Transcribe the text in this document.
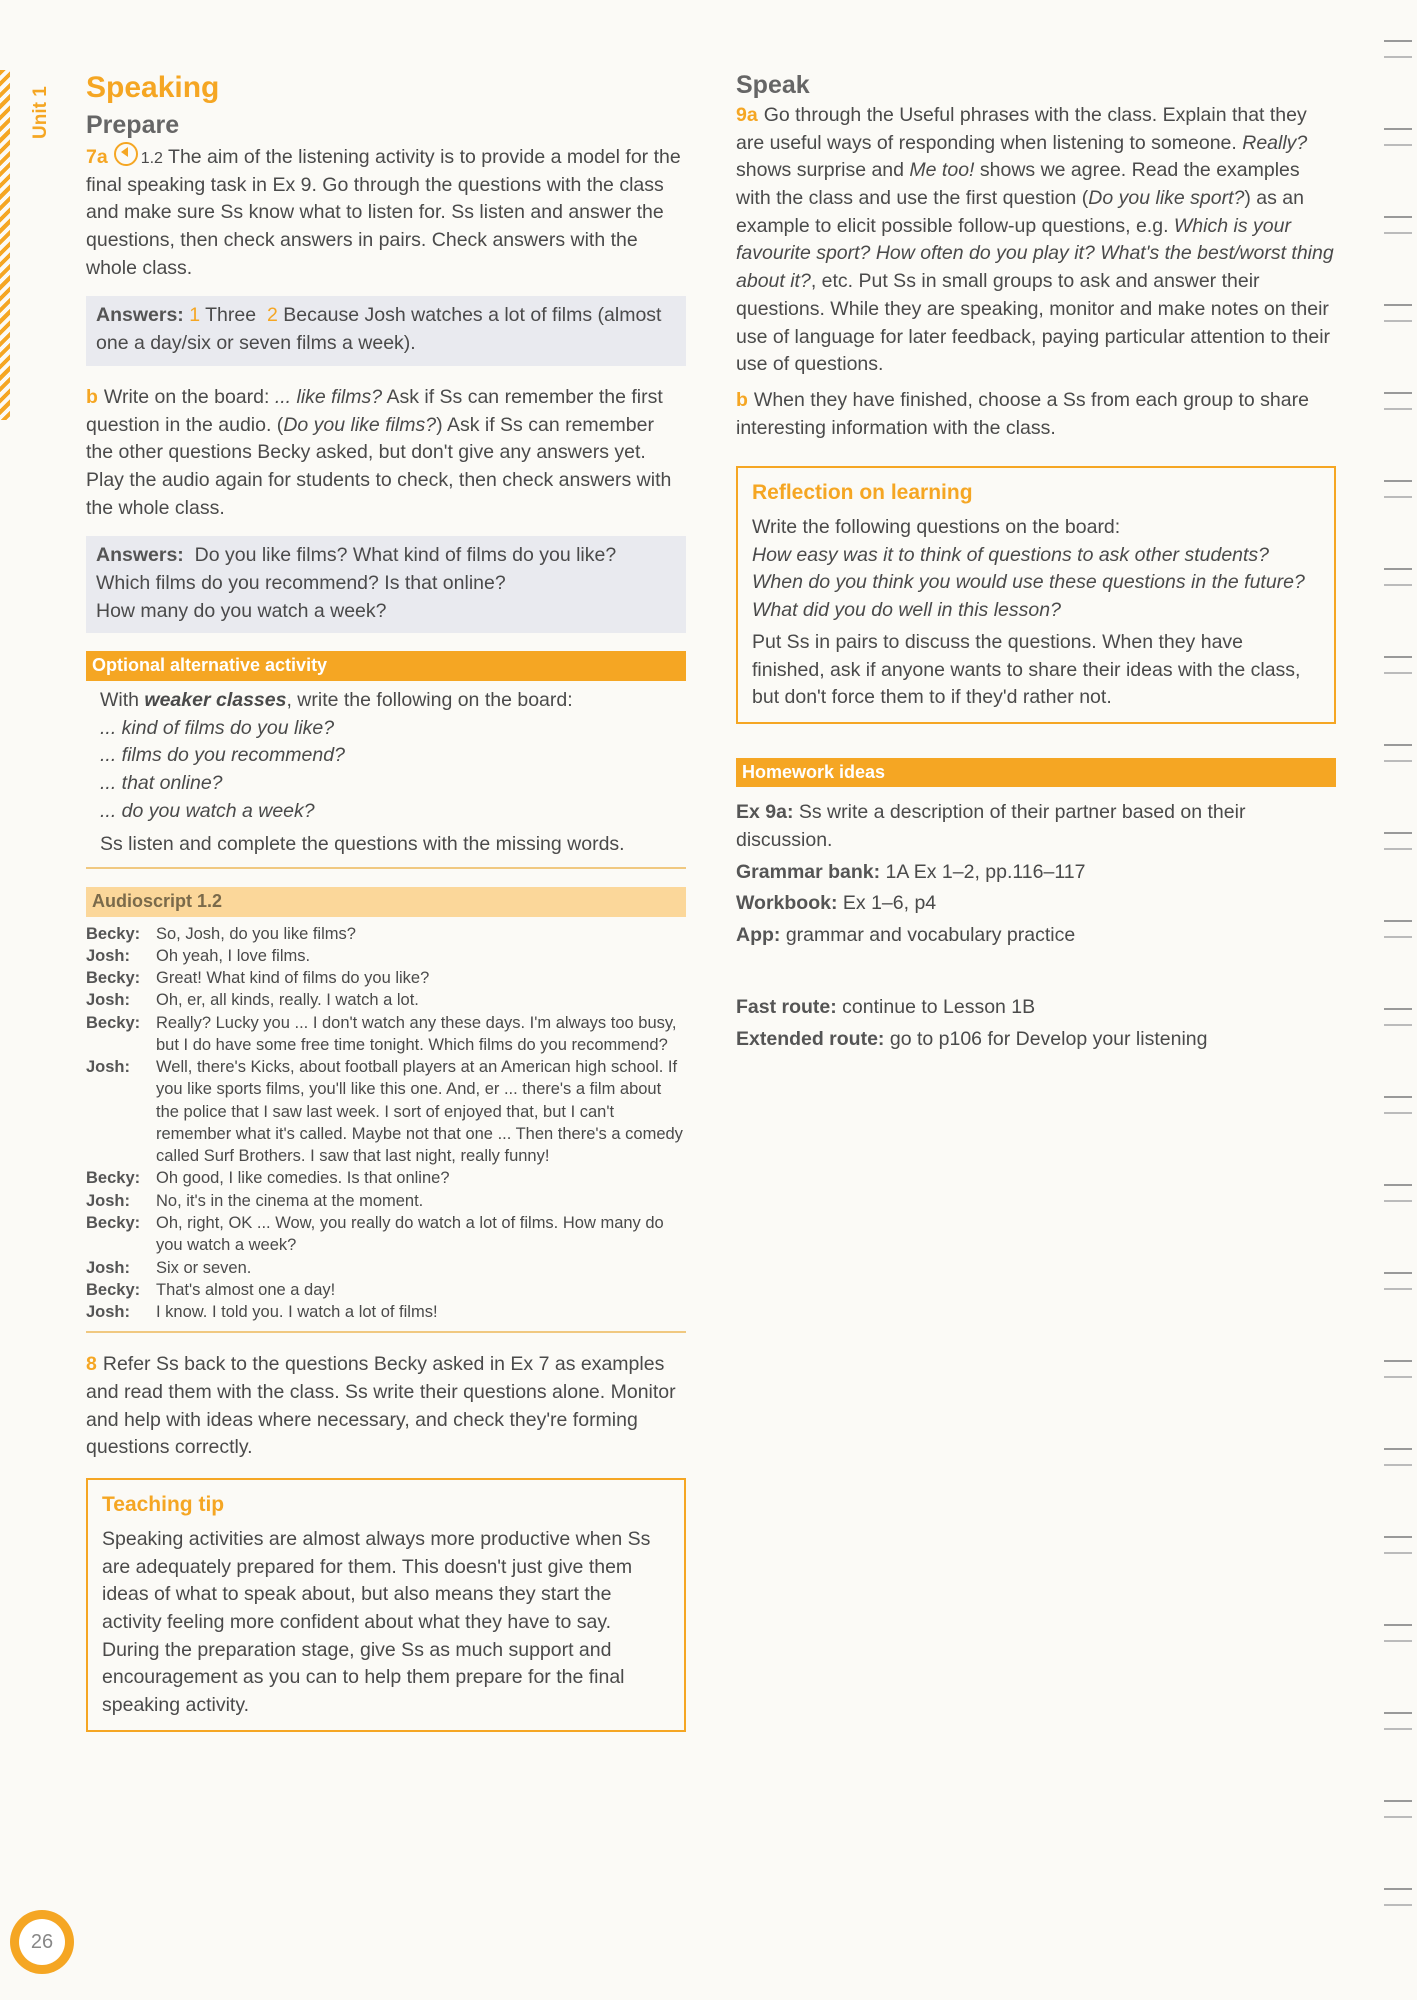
Unit 1 Speaking
Prepare

7a 1.2 The aim of the listening activity is to provide a model for the final speaking task in Ex 9. Go through the questions with the class and make sure Ss know what to listen for. Ss listen and answer the questions, then check answers in pairs. Check answers with the whole class.

Answers: 1 Three 2 Because Josh watches a lot of films (almost one a day/six or seven films a week).

b Write on the board: ... like films? Ask if Ss can remember the first question in the audio. (Do you like films?) Ask if Ss can remember the other questions Becky asked, but don't give any answers yet. Play the audio again for students to check, then check answers with the whole class.

Answers: Do you like films? What kind of films do you like?
Which films do you recommend? Is that online?
How many do you watch a week?
Optional alternative activity
With weaker classes, write the following on the board:
... kind of films do you like?
... films do you recommend?
... that online?
... do you watch a week?
Ss listen and complete the questions with the missing words.
Audioscript 1.2
Becky: So, Josh, do you like films?
Josh:	Oh yeah, I love films.
Becky: Great! What kind of films do you like?
Josh:	Oh, er, all kinds, really. I watch a lot.
Becky: Really? Lucky you ... I don't watch any these days. I'm always too busy, but I do have some free time tonight. Which films do you recommend?
Josh:	Well, there's Kicks, about football players at an American high school. If you like sports films, you'll like this one. And, er ... there's a film about the police that I saw last week. I sort of enjoyed that, but I can't remember what it's called. Maybe not that one ... Then there's a comedy called Surf Brothers. I saw that last night, really funny!
Becky: Oh good, I like comedies. Is that online?
Josh:	No, it's in the cinema at the moment.
Becky: Oh, right, OK ... Wow, you really do watch a lot of films. How many do you watch a week?
Josh:	Six or seven.
Becky: That's almost one a day!
Josh:	I know. I told you. I watch a lot of films!

8 Refer Ss back to the questions Becky asked in Ex 7 as examples and read them with the class. Ss write their questions alone. Monitor and help with ideas where necessary, and check they're forming questions correctly.

Teaching tip
Speaking activities are almost always more productive when Ss are adequately prepared for them. This doesn't just give them ideas of what to speak about, but also means they start the activity feeling more confident about what they have to say. During the preparation stage, give Ss as much support and encouragement as you can to help them prepare for the final speaking activity.
Speak

9a Go through the Useful phrases with the class. Explain that they are useful ways of responding when listening to someone. Really? shows surprise and Me too! shows we agree. Read the examples with the class and use the first question (Do you like sport?) as an example to elicit possible follow-up questions, e.g. Which is your favourite sport? How often do you play it? What's the best/worst thing about it?, etc. Put Ss in small groups to ask and answer their questions. While they are speaking, monitor and make notes on their use of language for later feedback, paying particular attention to their use of questions.

b When they have finished, choose a Ss from each group to share interesting information with the class.

Reflection on learning
Write the following questions on the board:
How easy was it to think of questions to ask other students?
When do you think you would use these questions in the future?
What did you do well in this lesson?
Put Ss in pairs to discuss the questions. When they have finished, ask if anyone wants to share their ideas with the class, but don't force them to if they'd rather not.
Homework ideas

Ex 9a: Ss write a description of their partner based on their discussion.

Grammar bank: 1A Ex 1–2, pp.116–117

Workbook: Ex 1–6, p4

App: grammar and vocabulary practice

Fast route: continue to Lesson 1B

Extended route: go to p106 for Develop your listening

26
